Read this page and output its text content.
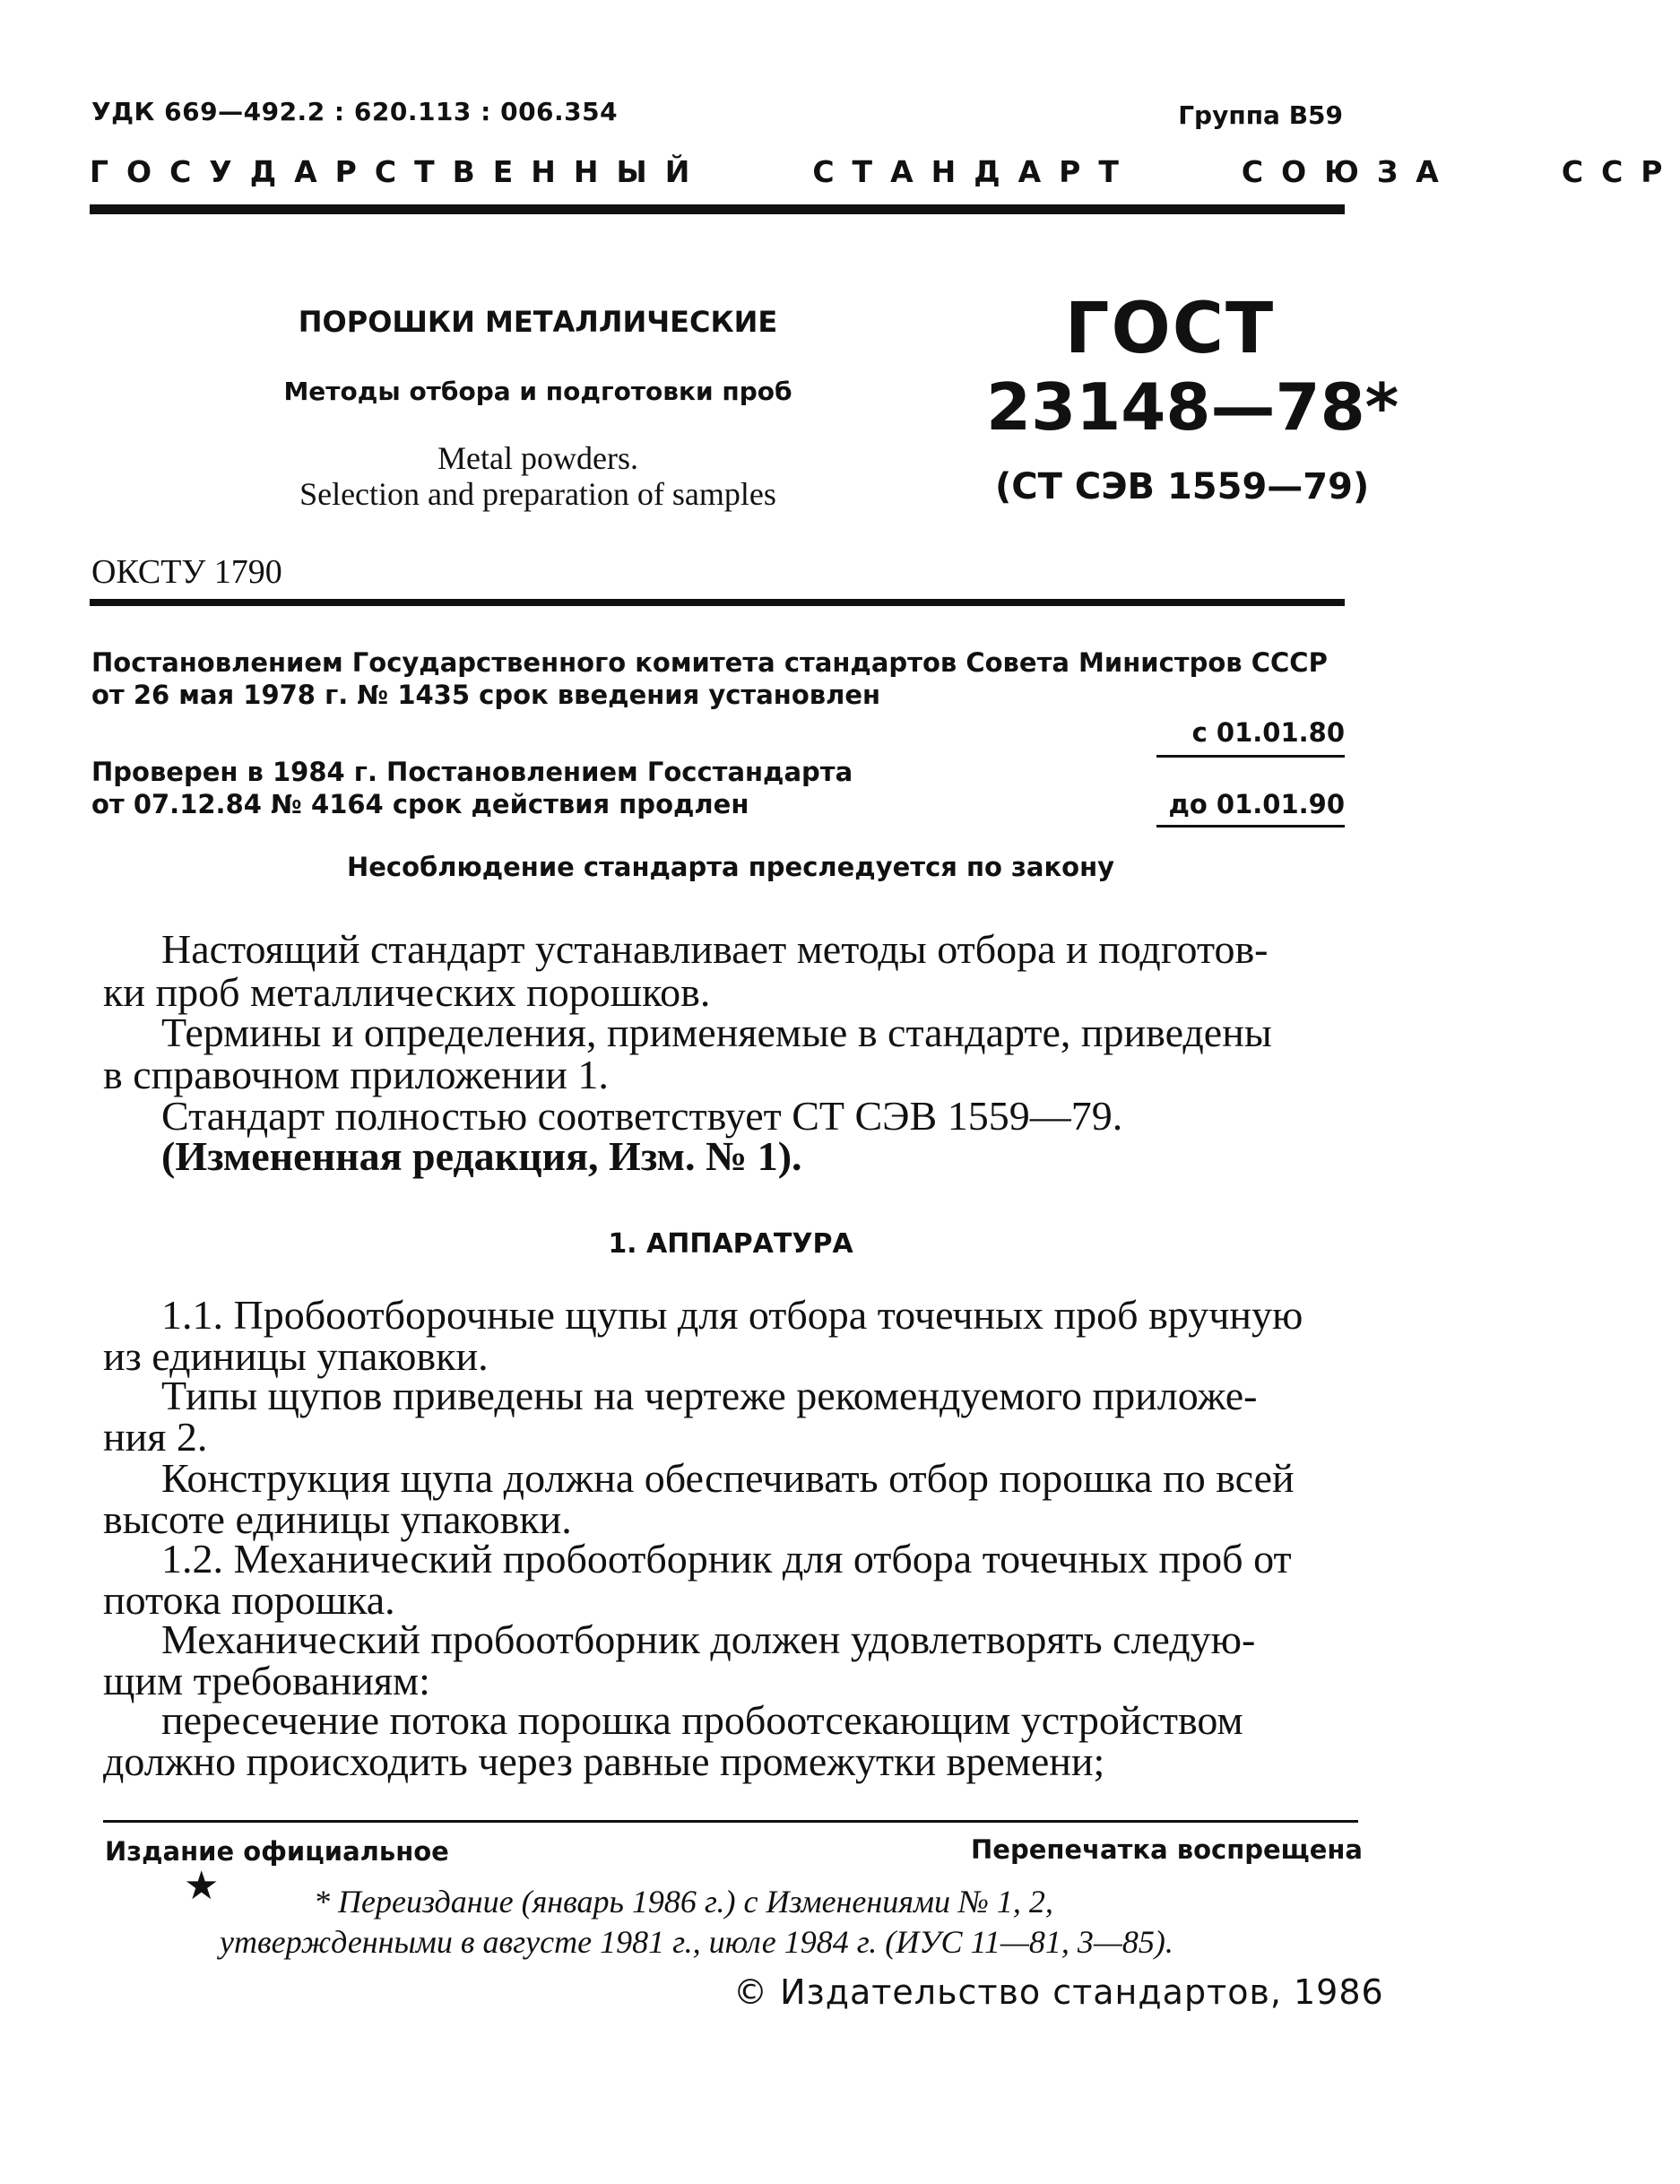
УДК 669—492.2 : 620.113 : 006.354	Группа В59
ГОСУДАРСТВЕННЫЙ	СТАНДАРТ	СОЮЗА	ССР
ПОРОШКИ МЕТАЛЛИЧЕСКИЕ
Методы отбора и подготовки проб
Metal powders.
Selection and preparation of samples
ГОСТ
23148—78*
(СТ СЭВ 1559—79)
ОКСТУ 1790
Постановлением Государственного комитета стандартов Совета Министров СССР
от 26 мая 1978 г. № 1435 срок введения установлен
с 01.01.80
Проверен в 1984 г. Постановлением Госстандарта
от 07.12.84 № 4164 срок действия продлен	до 01.01.90
Несоблюдение стандарта преследуется по закону
Настоящий стандарт устанавливает методы отбора и подготов-
ки проб металлических порошков.
Термины и определения, применяемые в стандарте, приведены
в справочном приложении 1.
Стандарт полностью соответствует СТ СЭВ 1559—79.
(Измененная редакция, Изм. № 1).
1. АППАРАТУРА
1.1. Пробоотборочные щупы для отбора точечных проб вручную
из единицы упаковки.
Типы щупов приведены на чертеже рекомендуемого приложе-
ния 2.
Конструкция щупа должна обеспечивать отбор порошка по всей
высоте единицы упаковки.
1.2. Механический пробоотборник для отбора точечных проб от
потока порошка.
Механический пробоотборник должен удовлетворять следую-
щим требованиям:
пересечение потока порошка пробоотсекающим устройством
должно происходить через равные промежутки времени;
Издание официальное	Перепечатка воспрещена
★	* Переиздание (январь 1986 г.) с Изменениями № 1, 2,
утвержденными в августе 1981 г., июле 1984 г. (ИУС 11—81, 3—85).
© Издательство стандартов, 1986
